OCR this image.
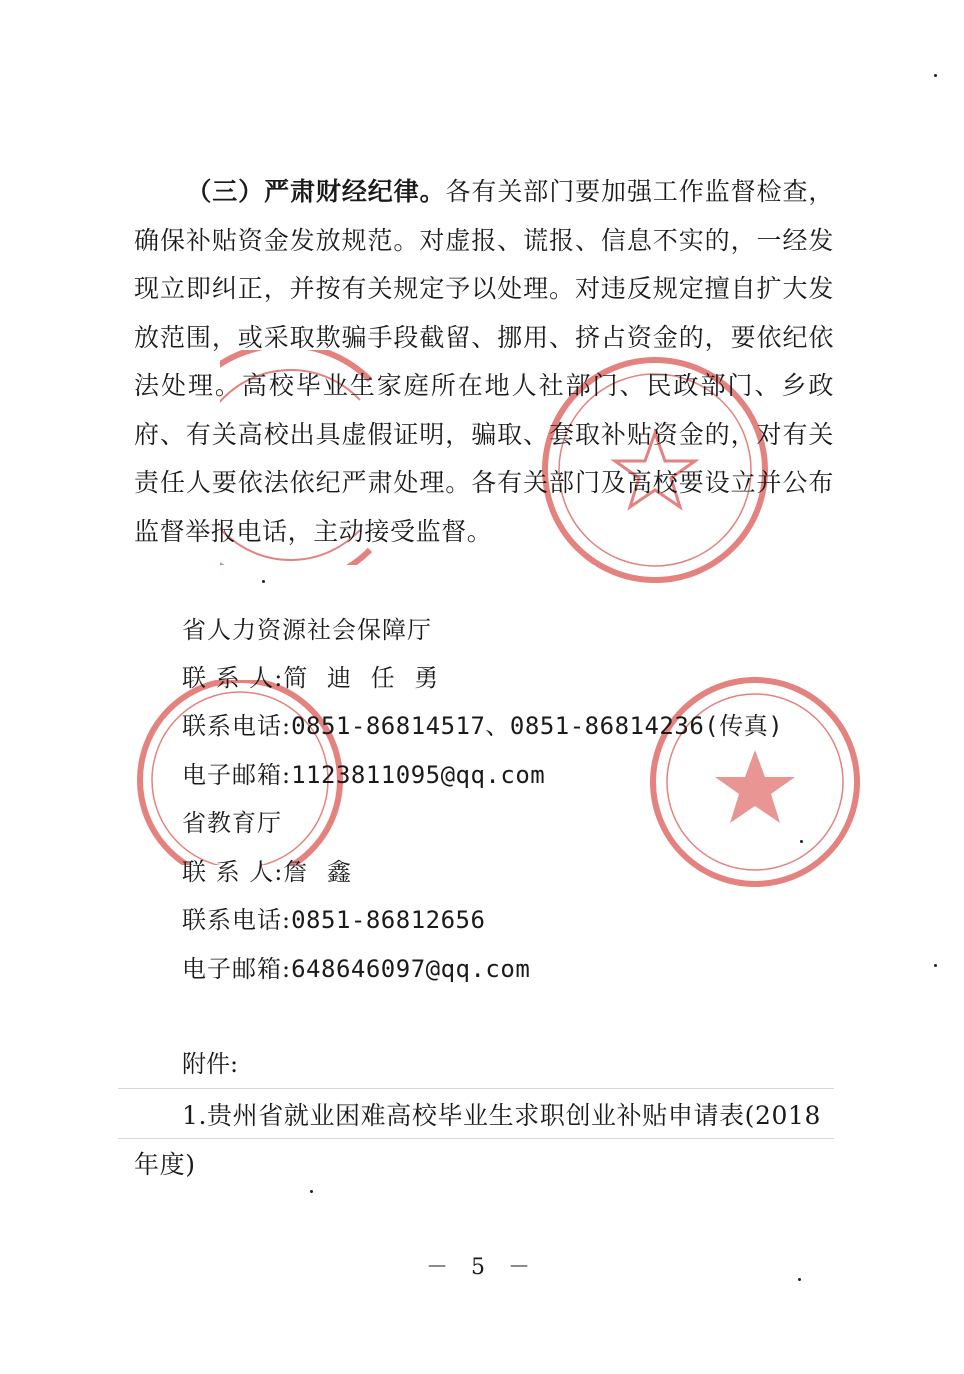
（三）严肃财经纪律。各有关部门要加强工作监督检查，确保补贴资金发放规范。对虚报、谎报、信息不实的，一经发现立即纠正，并按有关规定予以处理。对违反规定擅自扩大发放范围，或采取欺骗手段截留、挪用、挤占资金的，要依纪依法处理。高校毕业生家庭所在地人社部门、民政部门、乡政府、有关高校出具虚假证明，骗取、套取补贴资金的，对有关责任人要依法依纪严肃处理。各有关部门及高校要设立并公布监督举报电话，主动接受监督。
省人力资源社会保障厅
联 系 人:简 迪 任 勇
联系电话:0851-86814517、0851-86814236(传真)
电子邮箱:1123811095@qq.com
省教育厅
联 系 人:詹 鑫
联系电话:0851-86812656
电子邮箱:648646097@qq.com
附件:
1.贵州省就业困难高校毕业生求职创业补贴申请表(2018年度)
－ 5 －
